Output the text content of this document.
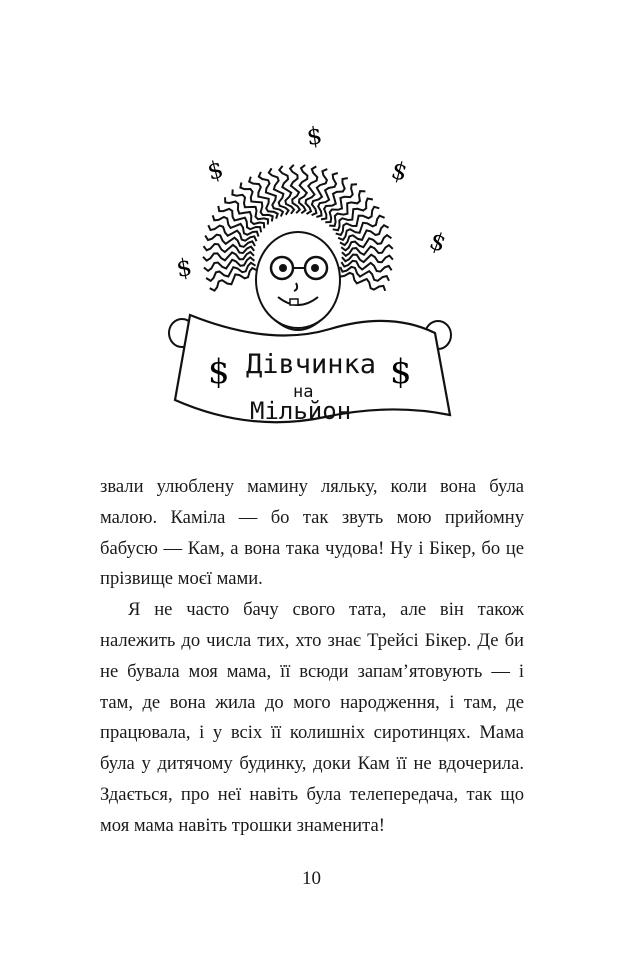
Дівчинка
на
Мільйон
$	$
$
$	$
$
$

звали улюблену мамину ляльку, коли вона була малою. Каміла — бо так звуть мою прийомну бабусю — Кам, а вона така чудова! Ну і Бікер, бо це прізвище моєї мами.

Я не часто бачу свого тата, але він також належить до числа тих, хто знає Трейсі Бікер. Де би не бувала моя мама, її всюди запам’ятовують — і там, де вона жила до мого народження, і там, де працювала, і у всіх її колишніх сиротинцях. Мама була у дитячому будинку, доки Кам її не вдочерила. Здається, про неї навіть була телепередача, так що моя мама навіть трошки знаменита!

10
